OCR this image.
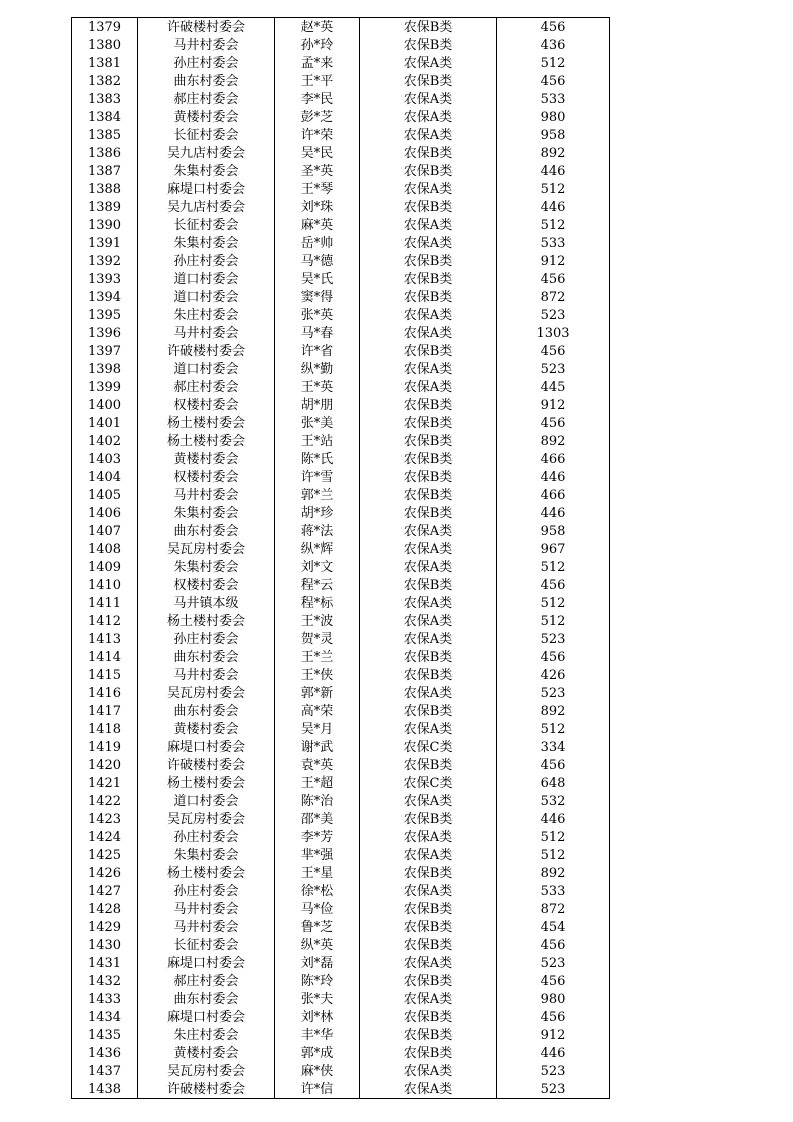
1379	许破楼村委会	赵*英	农保B类	456
1380	马井村委会	孙*玲	农保B类	436
1381	孙庄村委会	孟*来	农保A类	512
1382	曲东村委会	王*平	农保B类	456
1383	郝庄村委会	李*民	农保A类	533
1384	黄楼村委会	彭*芝	农保A类	980
1385	长征村委会	许*荣	农保A类	958
1386	吴九店村委会	吴*民	农保B类	892
1387	朱集村委会	圣*英	农保B类	446
1388	麻堤口村委会	王*琴	农保A类	512
1389	吴九店村委会	刘*珠	农保B类	446
1390	长征村委会	麻*英	农保A类	512
1391	朱集村委会	岳*帅	农保A类	533
1392	孙庄村委会	马*德	农保B类	912
1393	道口村委会	吴*氏	农保B类	456
1394	道口村委会	窦*得	农保B类	872
1395	朱庄村委会	张*英	农保A类	523
1396	马井村委会	马*春	农保A类	1303
1397	许破楼村委会	许*省	农保B类	456
1398	道口村委会	纵*勤	农保A类	523
1399	郝庄村委会	王*英	农保A类	445
1400	权楼村委会	胡*朋	农保B类	912
1401	杨土楼村委会	张*美	农保B类	456
1402	杨土楼村委会	王*站	农保B类	892
1403	黄楼村委会	陈*氏	农保B类	466
1404	权楼村委会	许*雪	农保B类	446
1405	马井村委会	郭*兰	农保B类	466
1406	朱集村委会	胡*珍	农保B类	446
1407	曲东村委会	蒋*法	农保A类	958
1408	吴瓦房村委会	纵*辉	农保A类	967
1409	朱集村委会	刘*文	农保A类	512
1410	权楼村委会	程*云	农保B类	456
1411	马井镇本级	程*标	农保A类	512
1412	杨土楼村委会	王*波	农保A类	512
1413	孙庄村委会	贺*灵	农保A类	523
1414	曲东村委会	王*兰	农保B类	456
1415	马井村委会	王*侠	农保B类	426
1416	吴瓦房村委会	郭*新	农保A类	523
1417	曲东村委会	高*荣	农保B类	892
1418	黄楼村委会	吴*月	农保A类	512
1419	麻堤口村委会	谢*武	农保C类	334
1420	许破楼村委会	袁*英	农保B类	456
1421	杨土楼村委会	王*超	农保C类	648
1422	道口村委会	陈*治	农保A类	532
1423	吴瓦房村委会	邵*美	农保B类	446
1424	孙庄村委会	李*芳	农保A类	512
1425	朱集村委会	芈*强	农保A类	512
1426	杨土楼村委会	王*星	农保B类	892
1427	孙庄村委会	徐*松	农保A类	533
1428	马井村委会	马*俭	农保B类	872
1429	马井村委会	鲁*芝	农保B类	454
1430	长征村委会	纵*英	农保B类	456
1431	麻堤口村委会	刘*磊	农保A类	523
1432	郝庄村委会	陈*玲	农保B类	456
1433	曲东村委会	张*夫	农保A类	980
1434	麻堤口村委会	刘*林	农保B类	456
1435	朱庄村委会	丰*华	农保B类	912
1436	黄楼村委会	郭*成	农保B类	446
1437	吴瓦房村委会	麻*侠	农保A类	523
1438	许破楼村委会	许*信	农保A类	523
